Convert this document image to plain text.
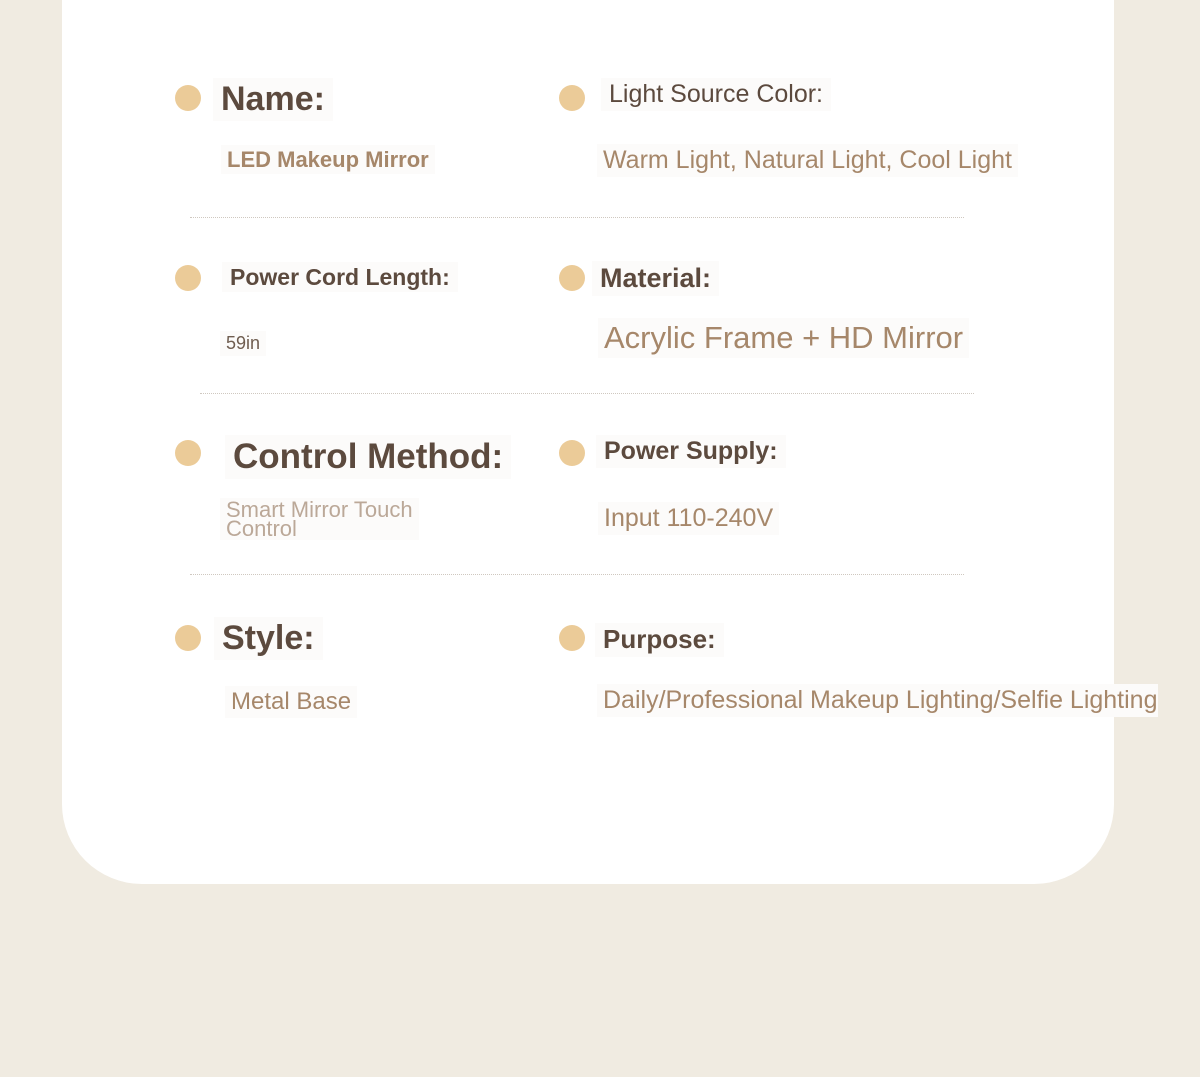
Name:
LED Makeup Mirror
Light Source Color:
Warm Light, Natural Light, Cool Light
Power Cord Length:
59in
Material:
Acrylic Frame + HD Mirror
Control Method:
Smart Mirror Touch
Control
Power Supply:
Input 110-240V
Style:
Metal Base
Purpose:
Daily/Professional Makeup Lighting/Selfie Lighting
